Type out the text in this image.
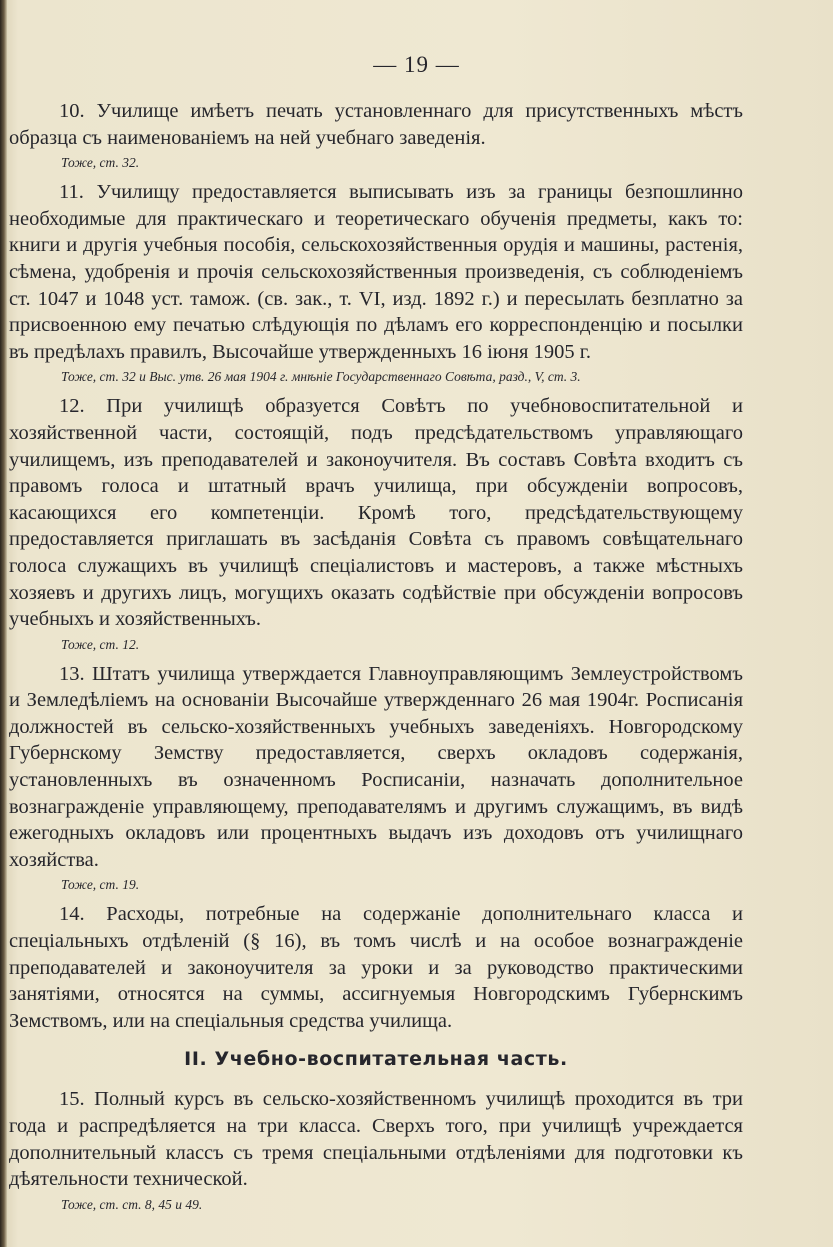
— 19 —

10. Училище имѣетъ печать установленнаго для присутственныхъ мѣстъ образца съ наименованіемъ на ней учебнаго заведенія.

Тоже, ст. 32.

11. Училищу предоставляется выписывать изъ за границы безпошлинно необходимые для практическаго и теоретическаго обученія предметы, какъ то: книги и другія учебныя пособія, сельскохозяйственныя орудія и машины, растенія, сѣмена, удобренія и прочія сельскохозяйственныя произведенія, съ соблюденіемъ ст. 1047 и 1048 уст. тамож. (св. зак., т. VI, изд. 1892 г.) и пересылать безплатно за присвоенною ему печатью слѣдующія по дѣламъ его корреспонденцію и посылки въ предѣлахъ правилъ, Высочайше утвержденныхъ 16 іюня 1905 г.

Тоже, ст. 32 и Выс. утв. 26 мая 1904 г. мнѣніе Государственнаго Совѣта, разд., V, ст. 3.

12. При училищѣ образуется Совѣтъ по учебновоспитательной и хозяйственной части, состоящій, подъ предсѣдательствомъ управляющаго училищемъ, изъ преподавателей и законоучителя. Въ составъ Совѣта входитъ съ правомъ голоса и штатный врачъ училища, при обсужденіи вопросовъ, касающихся его компетенціи. Кромѣ того, предсѣдательствующему предоставляется приглашать въ засѣданія Совѣта съ правомъ совѣщательнаго голоса служащихъ въ училищѣ спеціалистовъ и мастеровъ, а также мѣстныхъ хозяевъ и другихъ лицъ, могущихъ оказать содѣйствіе при обсужденіи вопросовъ учебныхъ и хозяйственныхъ.

Тоже, ст. 12.

13. Штатъ училища утверждается Главноуправляющимъ Землеустройствомъ и Земледѣліемъ на основаніи Высочайше утвержденнаго 26 мая 1904г. Росписанія должностей въ сельско-хозяйственныхъ учебныхъ заведеніяхъ. Новгородскому Губернскому Земству предоставляется, сверхъ окладовъ содержанія, установленныхъ въ означенномъ Росписаніи, назначать дополнительное вознагражденіе управляющему, преподавателямъ и другимъ служащимъ, въ видѣ ежегодныхъ окладовъ или процентныхъ выдачъ изъ доходовъ отъ училищнаго хозяйства.

Тоже, ст. 19.

14. Расходы, потребные на содержаніе дополнительнаго класса и спеціальныхъ отдѣленій (§ 16), въ томъ числѣ и на особое вознагражденіе преподавателей и законоучителя за уроки и за руководство практическими занятіями, относятся на суммы, ассигнуемыя Новгородскимъ Губернскимъ Земствомъ, или на спеціальныя средства училища.

II. Учебно-воспитательная часть.

15. Полный курсъ въ сельско-хозяйственномъ училищѣ проходится въ три года и распредѣляется на три класса. Сверхъ того, при училищѣ учреждается дополнительный классъ съ тремя спеціальными отдѣленіями для подготовки къ дѣятельности технической.

Тоже, ст. ст. 8, 45 и 49.
